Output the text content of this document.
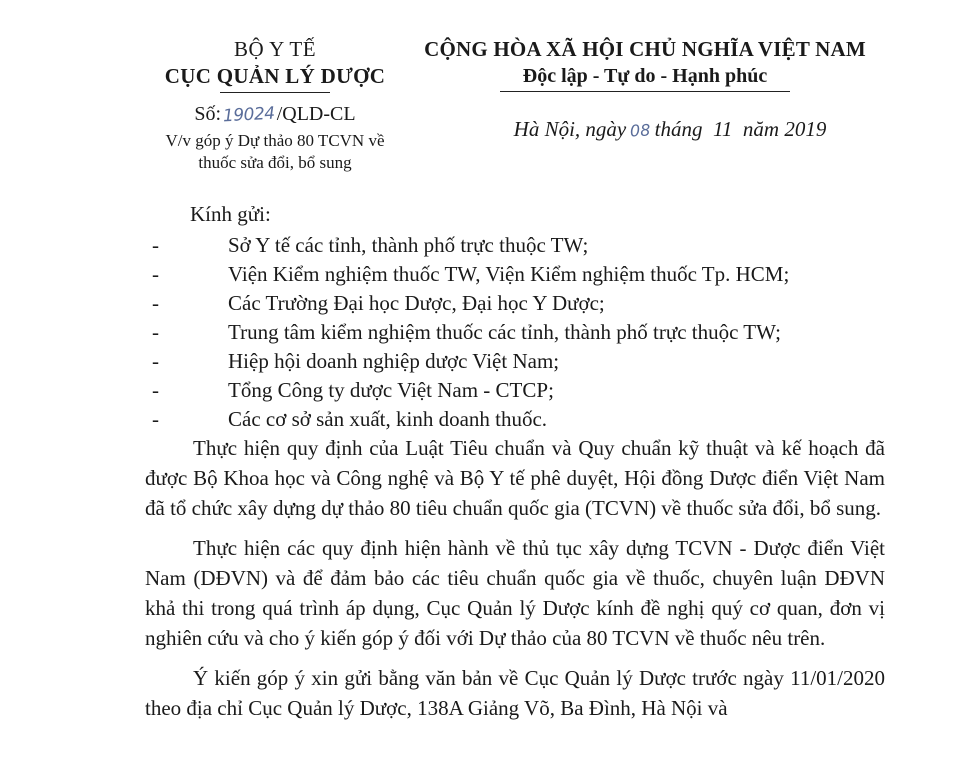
BỘ Y TẾ
CỤC QUẢN LÝ DƯỢC
Số:19024/QLD-CL
V/v góp ý Dự thảo 80 TCVN về
thuốc sửa đổi, bổ sung
CỘNG HÒA XÃ HỘI CHỦ NGHĨA VIỆT NAM
Độc lập - Tự do - Hạnh phúc
Hà Nội, ngày 08 tháng 11 năm 2019
Kính gửi:
-	Sở Y tế các tỉnh, thành phố trực thuộc TW;
-	Viện Kiểm nghiệm thuốc TW, Viện Kiểm nghiệm thuốc Tp. HCM;
-	Các Trường Đại học Dược, Đại học Y Dược;
-	Trung tâm kiểm nghiệm thuốc các tỉnh, thành phố trực thuộc TW;
-	Hiệp hội doanh nghiệp dược Việt Nam;
-	Tổng Công ty dược Việt Nam - CTCP;
-	Các cơ sở sản xuất, kinh doanh thuốc.

Thực hiện quy định của Luật Tiêu chuẩn và Quy chuẩn kỹ thuật và kế hoạch đã được Bộ Khoa học và Công nghệ và Bộ Y tế phê duyệt, Hội đồng Dược điển Việt Nam đã tổ chức xây dựng dự thảo 80 tiêu chuẩn quốc gia (TCVN) về thuốc sửa đổi, bổ sung.

Thực hiện các quy định hiện hành về thủ tục xây dựng TCVN - Dược điển Việt Nam (DĐVN) và để đảm bảo các tiêu chuẩn quốc gia về thuốc, chuyên luận DĐVN khả thi trong quá trình áp dụng, Cục Quản lý Dược kính đề nghị quý cơ quan, đơn vị nghiên cứu và cho ý kiến góp ý đối với Dự thảo của 80 TCVN về thuốc nêu trên.

Ý kiến góp ý xin gửi bằng văn bản về Cục Quản lý Dược trước ngày 11/01/2020 theo địa chỉ Cục Quản lý Dược, 138A Giảng Võ, Ba Đình, Hà Nội và
